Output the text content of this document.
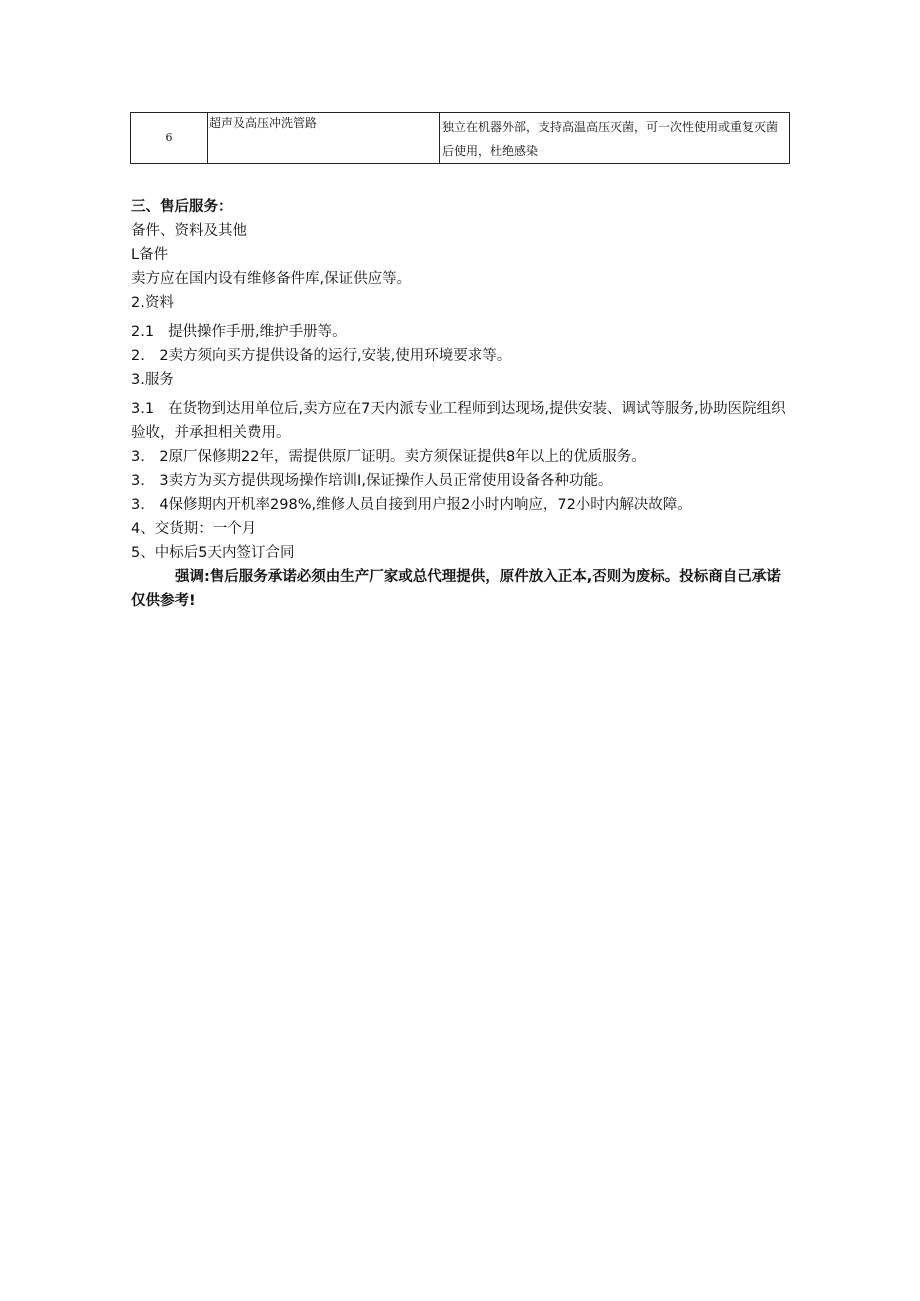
6	超声及高压冲洗管路	独立在机器外部，支持高温高压灭菌，可一次性使用或重复灭菌后使用，杜绝感染

三、售后服务：

备件、资料及其他

L备件

卖方应在国内设有维修备件库,保证供应等。

2.资料

2.1 提供操作手册,维护手册等。

2.　2卖方须向买方提供设备的运行,安装,使用环境要求等。

3.服务

3.1 在货物到达用单位后,卖方应在7天内派专业工程师到达现场,提供安装、调试等服务,协助医院组织验收，并承担相关费用。

3.　2原厂保修期22年，需提供原厂证明。卖方须保证提供8年以上的优质服务。

3.　3卖方为买方提供现场操作培训I,保证操作人员正常使用设备各种功能。

3.　4保修期内开机率298%,维修人员自接到用户报2小时内响应，72小时内解决故障。

4、交货期：一个月

5、中标后5天内签订合同

强调:售后服务承诺必须由生产厂家或总代理提供，原件放入正本,否则为废标。投标商自己承诺仅供参考!
